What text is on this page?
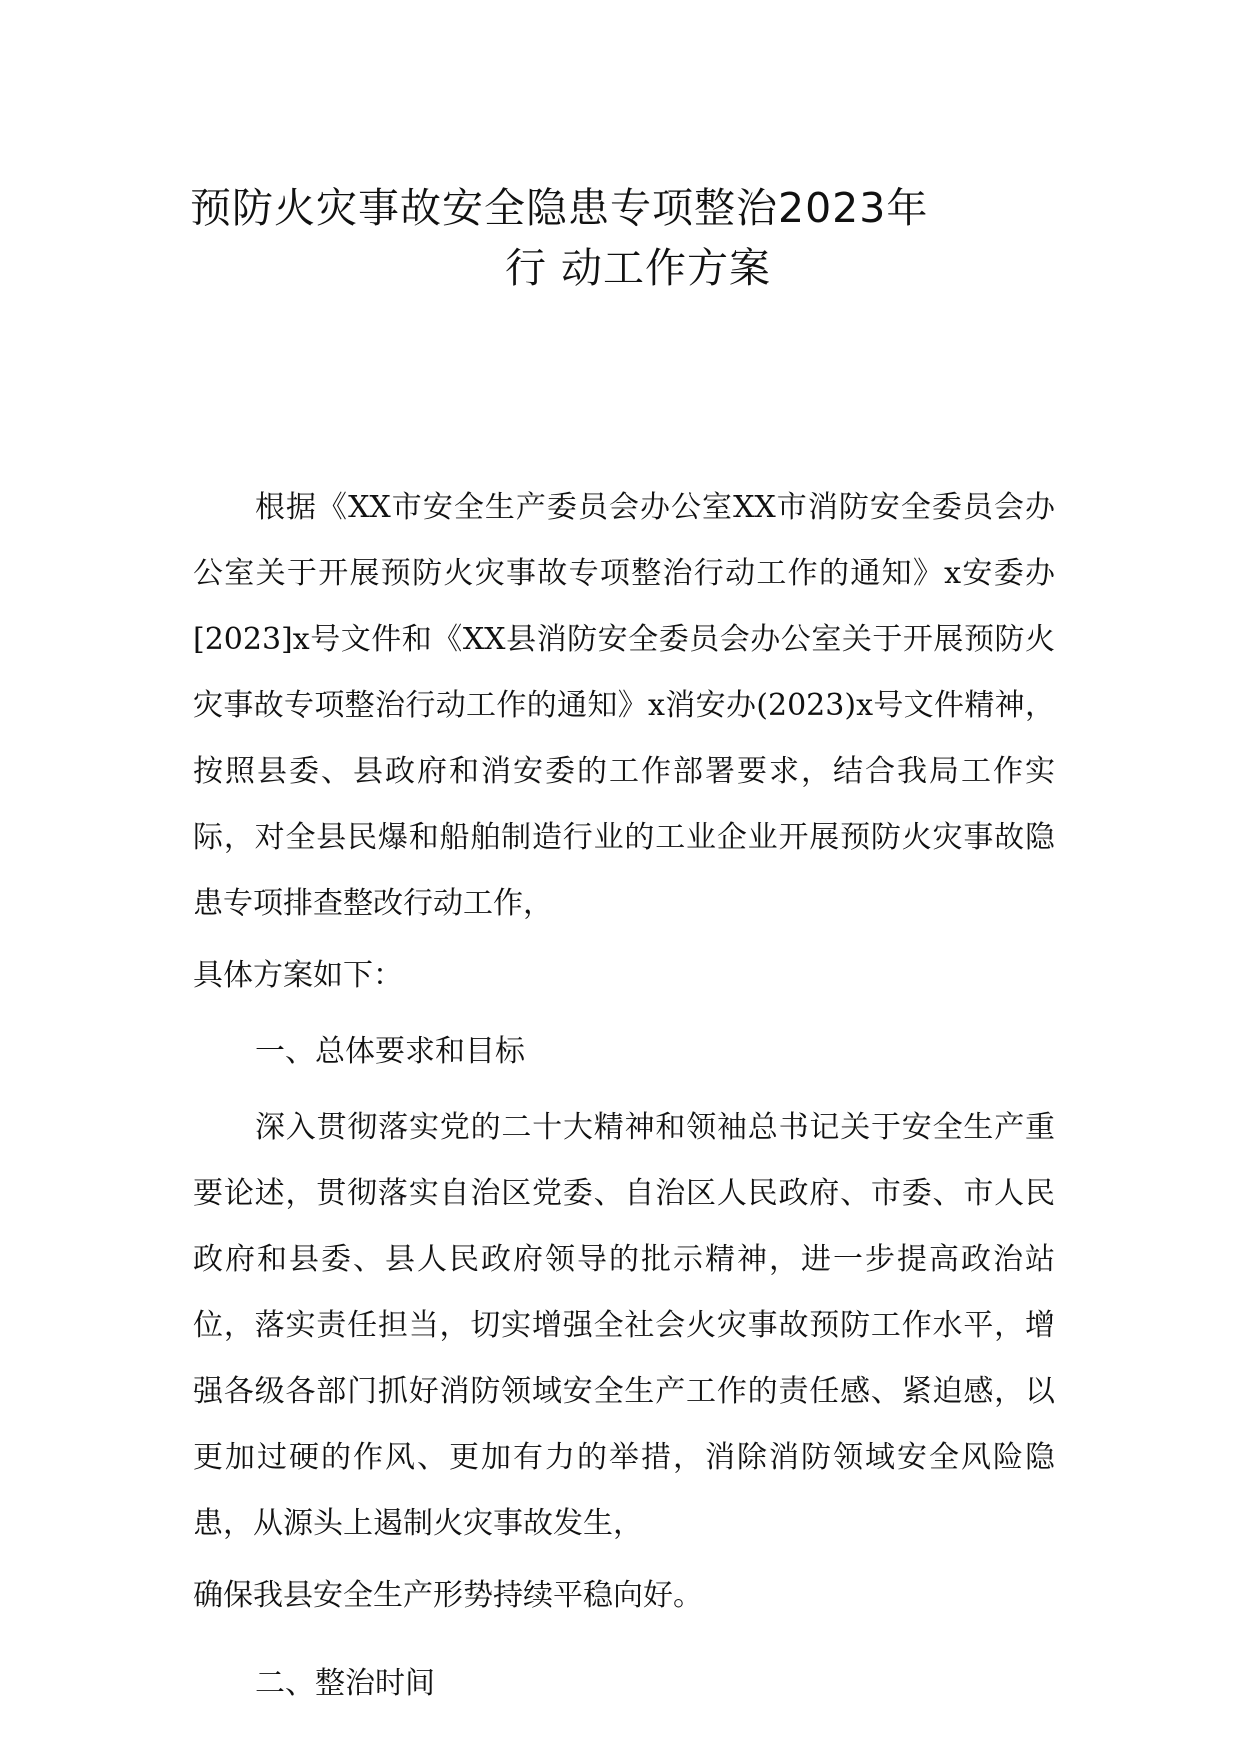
预防火灾事故安全隐患专项整治2023年
行 动工作方案

根据《XX市安全生产委员会办公室XX市消防安全委员会办公室关于开展预防火灾事故专项整治行动工作的通知》x安委办[2023]x号文件和《XX县消防安全委员会办公室关于开展预防火灾事故专项整治行动工作的通知》x消安办(2023)x号文件精神，按照县委、县政府和消安委的工作部署要求，结合我局工作实际，对全县民爆和船舶制造行业的工业企业开展预防火灾事故隐患专项排查整改行动工作，

具体方案如下：

一、总体要求和目标

深入贯彻落实党的二十大精神和领袖总书记关于安全生产重要论述，贯彻落实自治区党委、自治区人民政府、市委、市人民政府和县委、县人民政府领导的批示精神，进一步提高政治站位，落实责任担当，切实增强全社会火灾事故预防工作水平，增强各级各部门抓好消防领域安全生产工作的责任感、紧迫感，以更加过硬的作风、更加有力的举措，消除消防领域安全风险隐患，从源头上遏制火灾事故发生，

确保我县安全生产形势持续平稳向好。

二、整治时间
